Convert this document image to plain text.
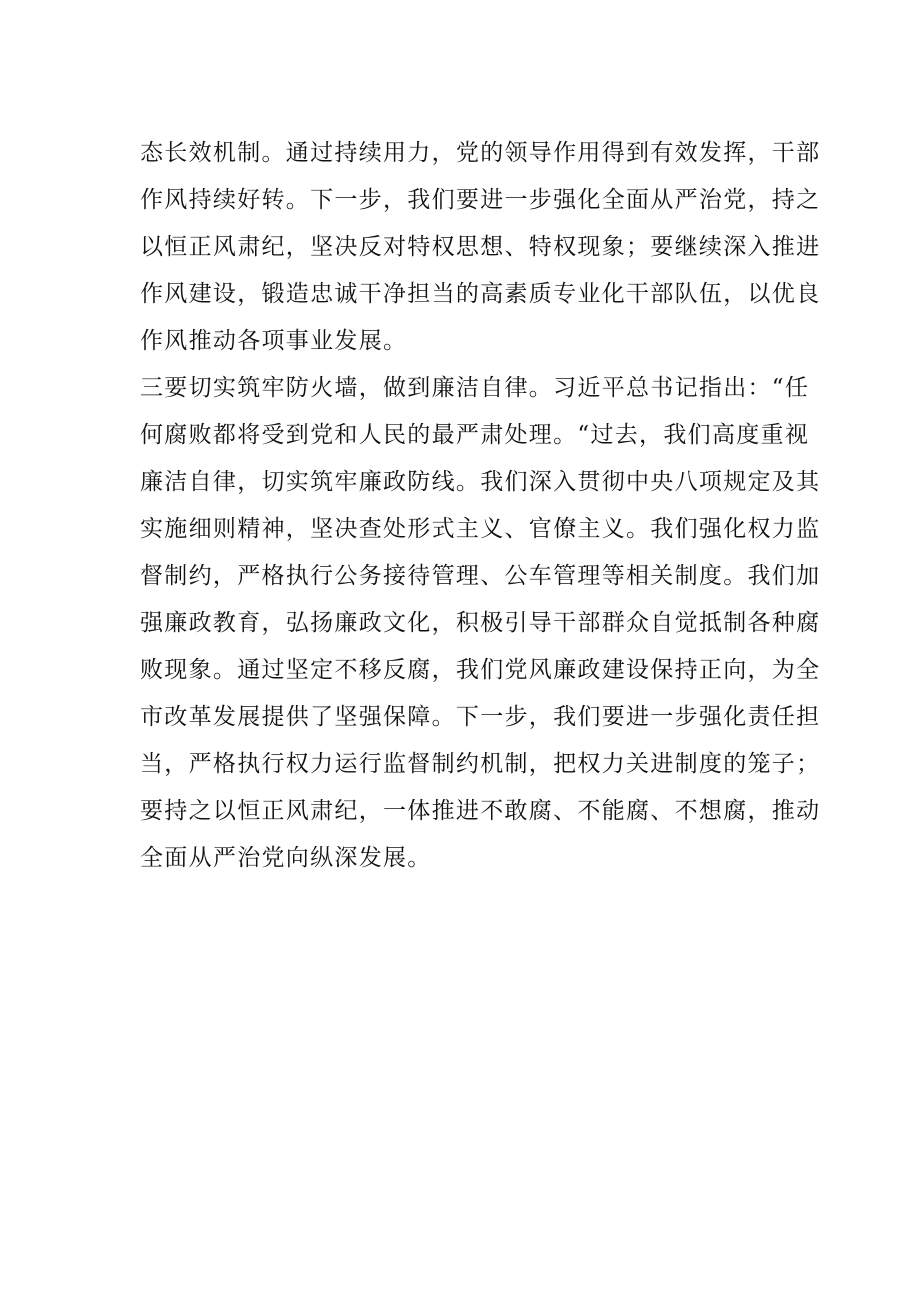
态长效机制。通过持续用力，党的领导作用得到有效发挥，干部
作风持续好转。下一步，我们要进一步强化全面从严治党，持之
以恒正风肃纪，坚决反对特权思想、特权现象；要继续深入推进
作风建设，锻造忠诚干净担当的高素质专业化干部队伍，以优良
作风推动各项事业发展。
三要切实筑牢防火墙，做到廉洁自律。习近平总书记指出：“任
何腐败都将受到党和人民的最严肃处理。“过去，我们高度重视
廉洁自律，切实筑牢廉政防线。我们深入贯彻中央八项规定及其
实施细则精神，坚决查处形式主义、官僚主义。我们强化权力监
督制约，严格执行公务接待管理、公车管理等相关制度。我们加
强廉政教育，弘扬廉政文化，积极引导干部群众自觉抵制各种腐
败现象。通过坚定不移反腐，我们党风廉政建设保持正向，为全
市改革发展提供了坚强保障。下一步，我们要进一步强化责任担
当，严格执行权力运行监督制约机制，把权力关进制度的笼子；
要持之以恒正风肃纪，一体推进不敢腐、不能腐、不想腐，推动
全面从严治党向纵深发展。
